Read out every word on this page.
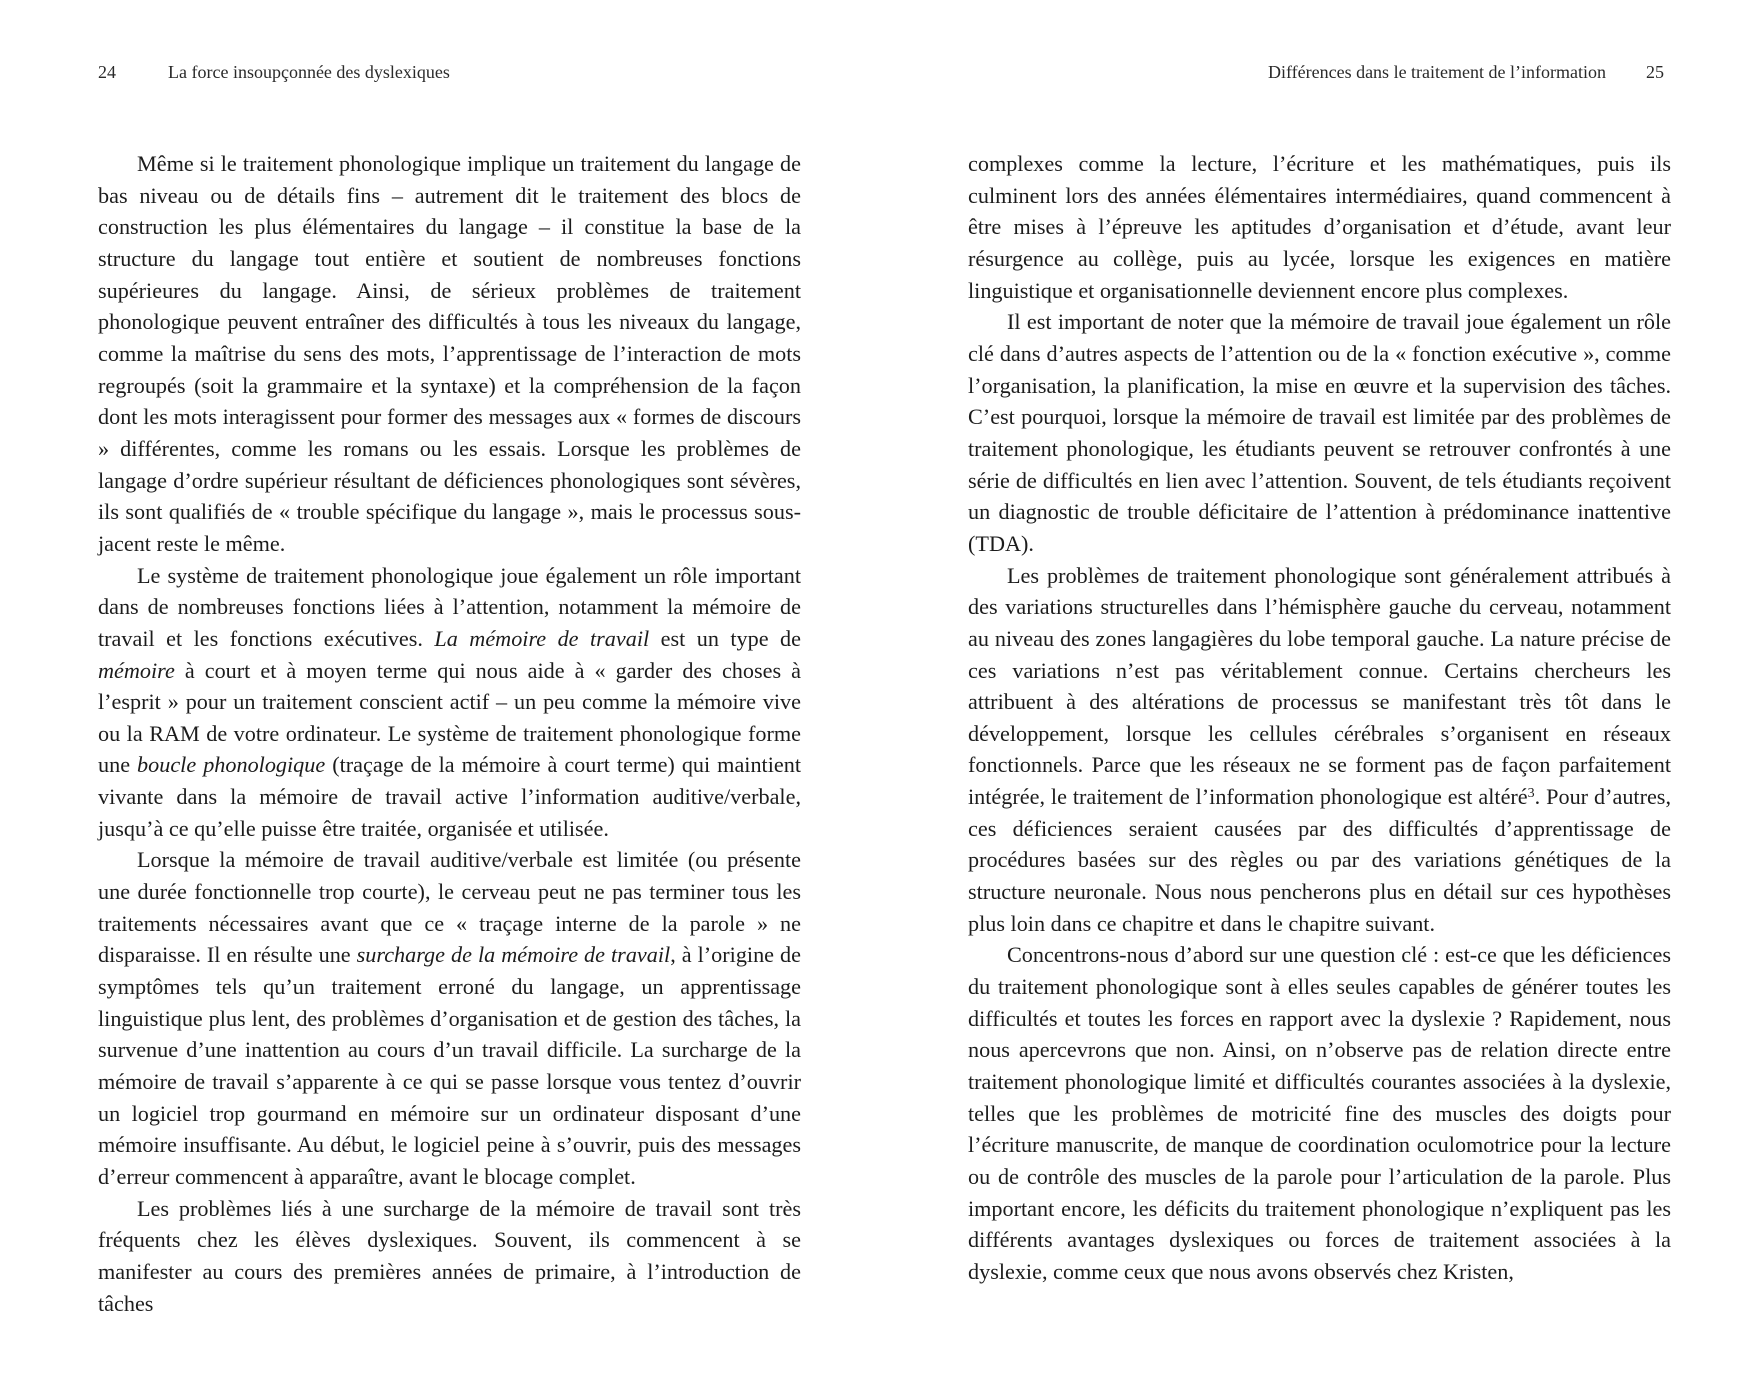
24	La force insoupçonnée des dyslexiques	Différences dans le traitement de l’information 25

Même si le traitement phonologique implique un traitement du langage de bas niveau ou de détails fins – autrement dit le traitement des blocs de construction les plus élémentaires du langage – il constitue la base de la structure du langage tout entière et soutient de nombreuses fonctions supérieures du langage. Ainsi, de sérieux problèmes de traitement phonologique peuvent entraîner des difficultés à tous les niveaux du langage, comme la maîtrise du sens des mots, l’apprentissage de l’interaction de mots regroupés (soit la grammaire et la syntaxe) et la compréhension de la façon dont les mots interagissent pour former des messages aux « formes de discours » différentes, comme les romans ou les essais. Lorsque les problèmes de langage d’ordre supérieur résultant de déficiences phonologiques sont sévères, ils sont qualifiés de « trouble spécifique du langage », mais le processus sous-jacent reste le même.

Le système de traitement phonologique joue également un rôle important dans de nombreuses fonctions liées à l’attention, notamment la mémoire de travail et les fonctions exécutives. La mémoire de travail est un type de mémoire à court et à moyen terme qui nous aide à « garder des choses à l’esprit » pour un traitement conscient actif – un peu comme la mémoire vive ou la RAM de votre ordinateur. Le système de traitement phonologique forme une boucle phonologique (traçage de la mémoire à court terme) qui maintient vivante dans la mémoire de travail active l’information auditive/verbale, jusqu’à ce qu’elle puisse être traitée, organisée et utilisée.

Lorsque la mémoire de travail auditive/verbale est limitée (ou présente une durée fonctionnelle trop courte), le cerveau peut ne pas terminer tous les traitements nécessaires avant que ce « traçage interne de la parole » ne disparaisse. Il en résulte une surcharge de la mémoire de travail, à l’origine de symptômes tels qu’un traitement erroné du langage, un apprentissage linguistique plus lent, des problèmes d’organisation et de gestion des tâches, la survenue d’une inattention au cours d’un travail difficile. La surcharge de la mémoire de travail s’apparente à ce qui se passe lorsque vous tentez d’ouvrir un logiciel trop gourmand en mémoire sur un ordinateur disposant d’une mémoire insuffisante. Au début, le logiciel peine à s’ouvrir, puis des messages d’erreur commencent à apparaître, avant le blocage complet.

Les problèmes liés à une surcharge de la mémoire de travail sont très fréquents chez les élèves dyslexiques. Souvent, ils commencent à se manifester au cours des premières années de primaire, à l’introduction de tâches

complexes comme la lecture, l’écriture et les mathématiques, puis ils culminent lors des années élémentaires intermédiaires, quand commencent à être mises à l’épreuve les aptitudes d’organisation et d’étude, avant leur résurgence au collège, puis au lycée, lorsque les exigences en matière linguistique et organisationnelle deviennent encore plus complexes.

Il est important de noter que la mémoire de travail joue également un rôle clé dans d’autres aspects de l’attention ou de la « fonction exécutive », comme l’organisation, la planification, la mise en œuvre et la supervision des tâches. C’est pourquoi, lorsque la mémoire de travail est limitée par des problèmes de traitement phonologique, les étudiants peuvent se retrouver confrontés à une série de difficultés en lien avec l’attention. Souvent, de tels étudiants reçoivent un diagnostic de trouble déficitaire de l’attention à prédominance inattentive (TDA).

Les problèmes de traitement phonologique sont généralement attribués à des variations structurelles dans l’hémisphère gauche du cerveau, notamment au niveau des zones langagières du lobe temporal gauche. La nature précise de ces variations n’est pas véritablement connue. Certains chercheurs les attribuent à des altérations de processus se manifestant très tôt dans le développement, lorsque les cellules cérébrales s’organisent en réseaux fonctionnels. Parce que les réseaux ne se forment pas de façon parfaitement intégrée, le traitement de l’information phonologique est altéré$^3$. Pour d’autres, ces déficiences seraient causées par des difficultés d’apprentissage de procédures basées sur des règles ou par des variations génétiques de la structure neuronale. Nous nous pencherons plus en détail sur ces hypothèses plus loin dans ce chapitre et dans le chapitre suivant.

Concentrons-nous d’abord sur une question clé : est-ce que les déficiences du traitement phonologique sont à elles seules capables de générer toutes les difficultés et toutes les forces en rapport avec la dyslexie ? Rapidement, nous nous apercevrons que non. Ainsi, on n’observe pas de relation directe entre traitement phonologique limité et difficultés courantes associées à la dyslexie, telles que les problèmes de motricité fine des muscles des doigts pour l’écriture manuscrite, de manque de coordination oculomotrice pour la lecture ou de contrôle des muscles de la parole pour l’articulation de la parole. Plus important encore, les déficits du traitement phonologique n’expliquent pas les différents avantages dyslexiques ou forces de traitement associées à la dyslexie, comme ceux que nous avons observés chez Kristen,
